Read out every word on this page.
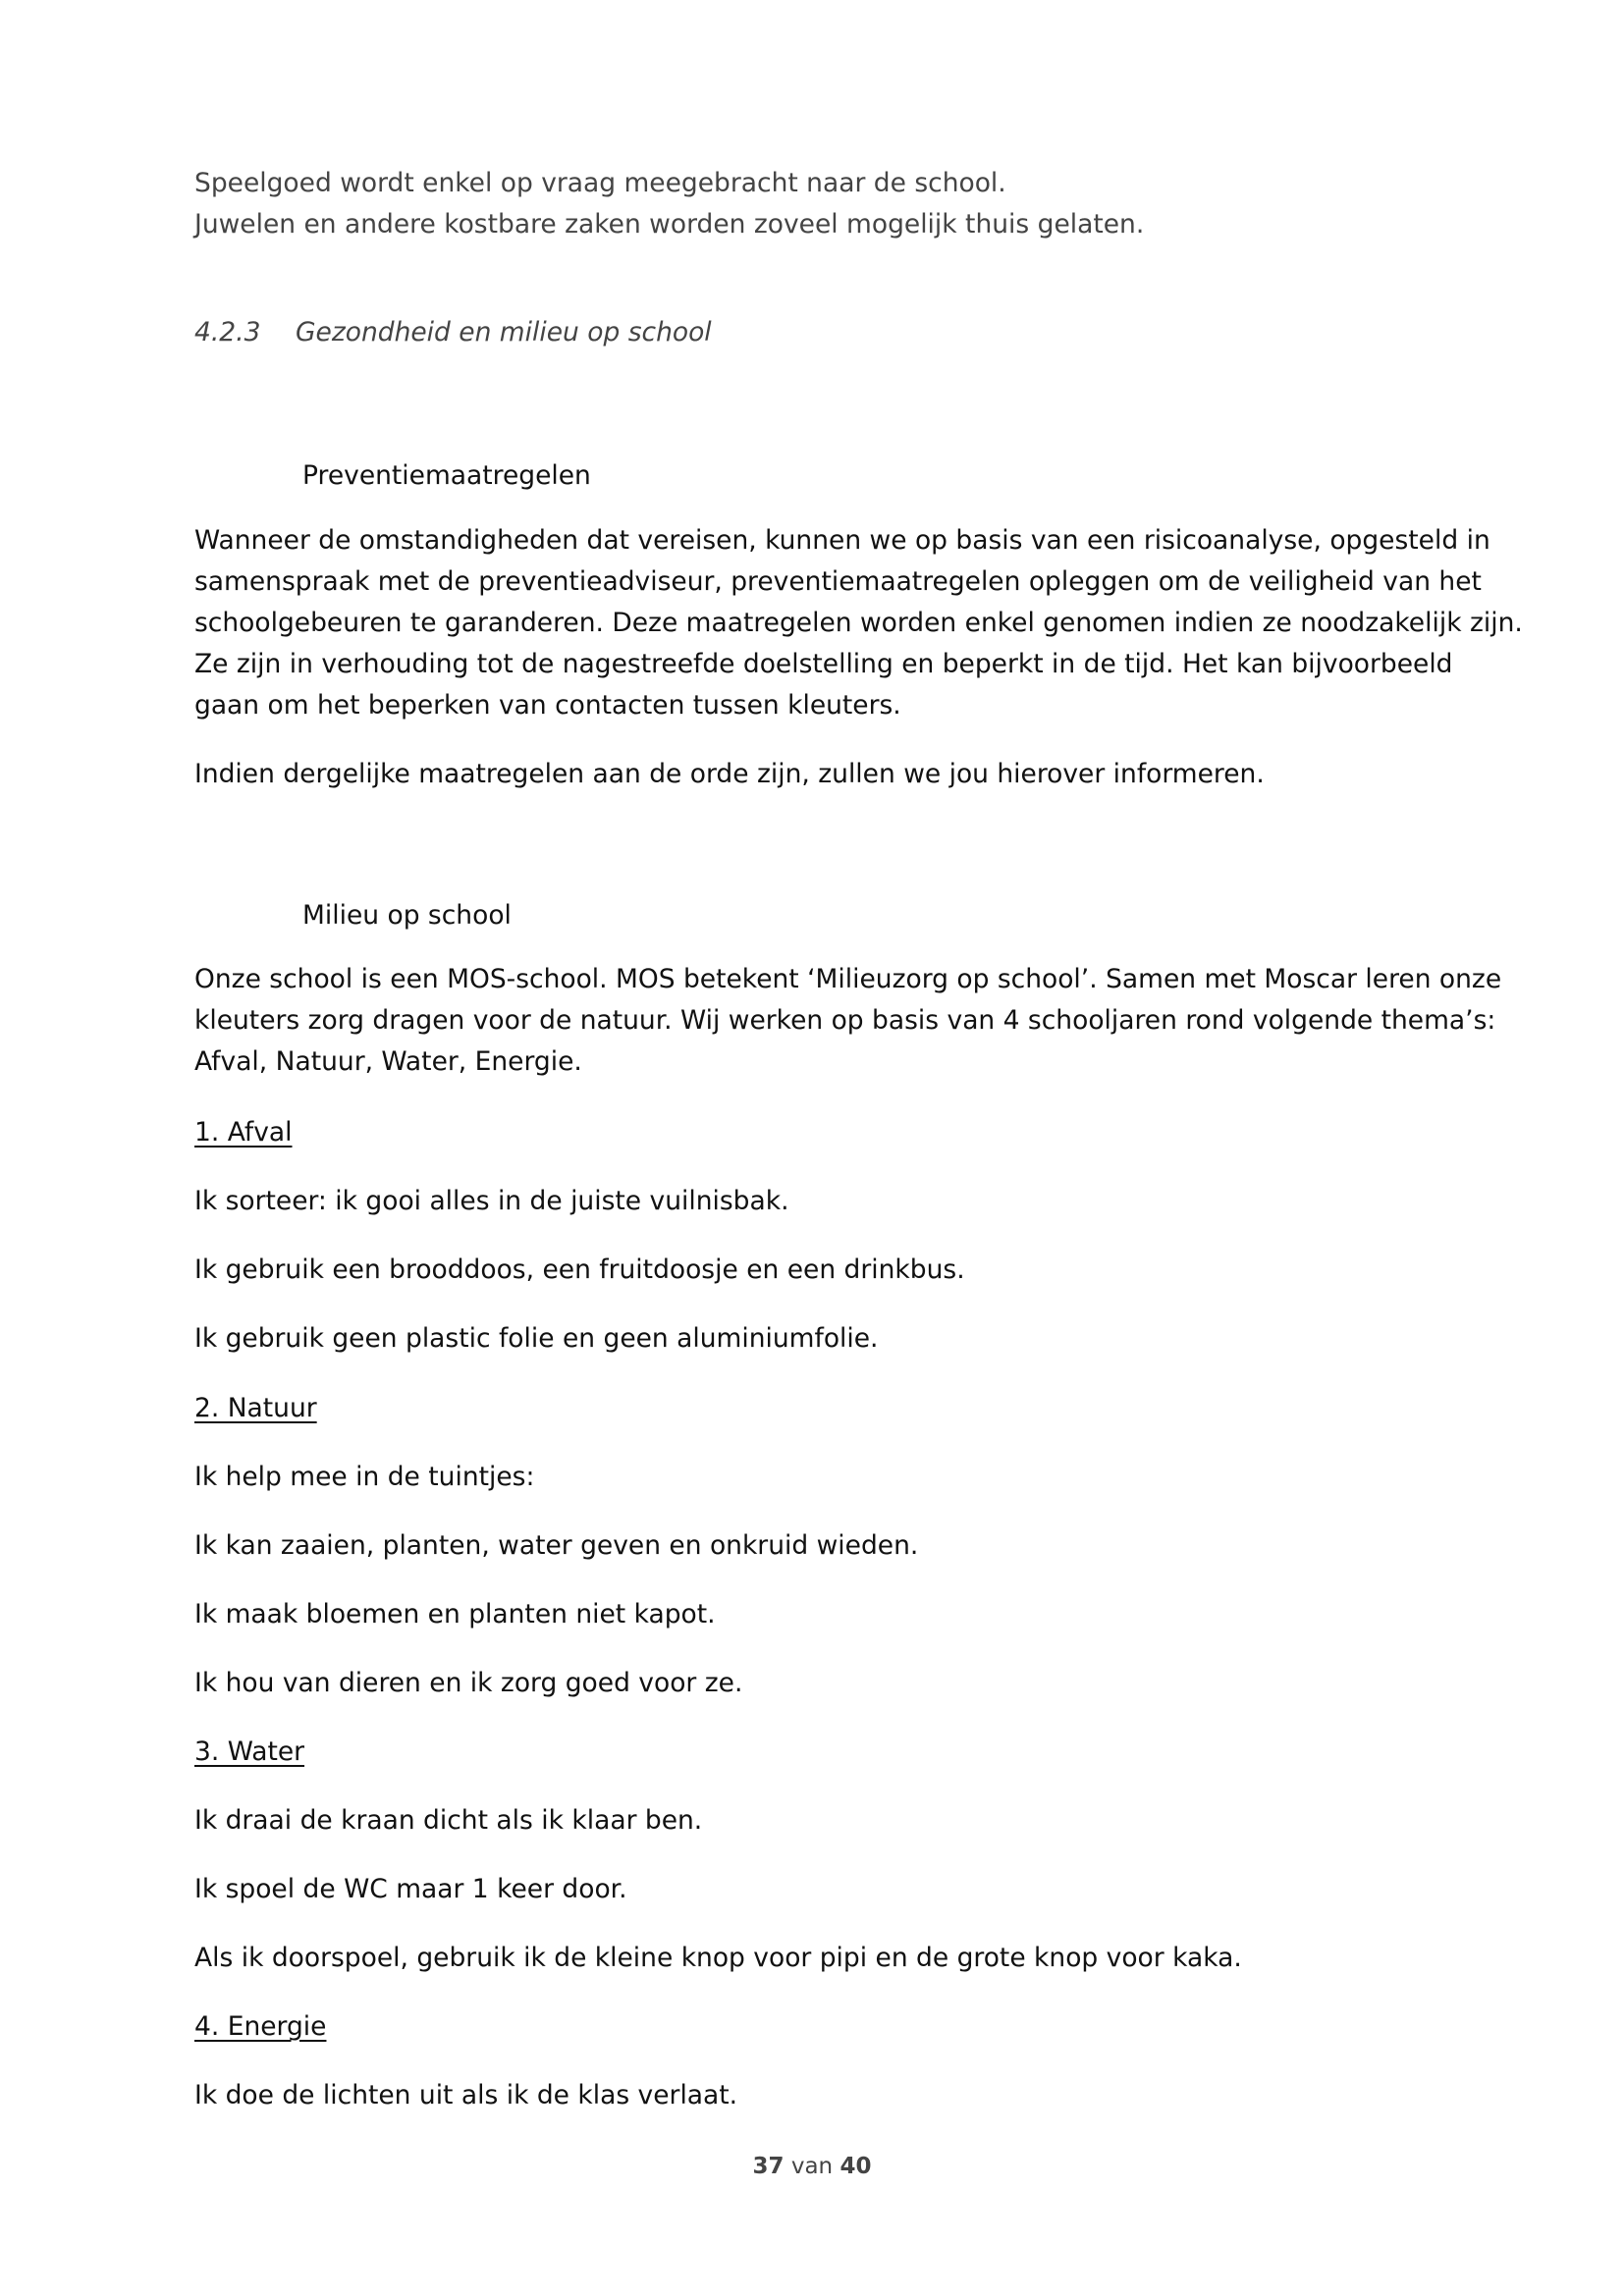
Speelgoed wordt enkel op vraag meegebracht naar de school.
Juwelen en andere kostbare zaken worden zoveel mogelijk thuis gelaten.

4.2.3 Gezondheid en milieu op school

Preventiemaatregelen

Wanneer de omstandigheden dat vereisen, kunnen we op basis van een risicoanalyse, opgesteld in
samenspraak met de preventieadviseur, preventiemaatregelen opleggen om de veiligheid van het
schoolgebeuren te garanderen. Deze maatregelen worden enkel genomen indien ze noodzakelijk zijn.
Ze zijn in verhouding tot de nagestreefde doelstelling en beperkt in de tijd. Het kan bijvoorbeeld
gaan om het beperken van contacten tussen kleuters.

Indien dergelijke maatregelen aan de orde zijn, zullen we jou hierover informeren.

Milieu op school

Onze school is een MOS-school. MOS betekent ‘Milieuzorg op school’. Samen met Moscar leren onze
kleuters zorg dragen voor de natuur. Wij werken op basis van 4 schooljaren rond volgende thema’s:
Afval, Natuur, Water, Energie.

1. Afval

Ik sorteer: ik gooi alles in de juiste vuilnisbak.

Ik gebruik een brooddoos, een fruitdoosje en een drinkbus.

Ik gebruik geen plastic folie en geen aluminiumfolie.

2. Natuur

Ik help mee in de tuintjes:

Ik kan zaaien, planten, water geven en onkruid wieden.

Ik maak bloemen en planten niet kapot.

Ik hou van dieren en ik zorg goed voor ze.

3. Water

Ik draai de kraan dicht als ik klaar ben.

Ik spoel de WC maar 1 keer door.

Als ik doorspoel, gebruik ik de kleine knop voor pipi en de grote knop voor kaka.

4. Energie

Ik doe de lichten uit als ik de klas verlaat.

37 van 40
